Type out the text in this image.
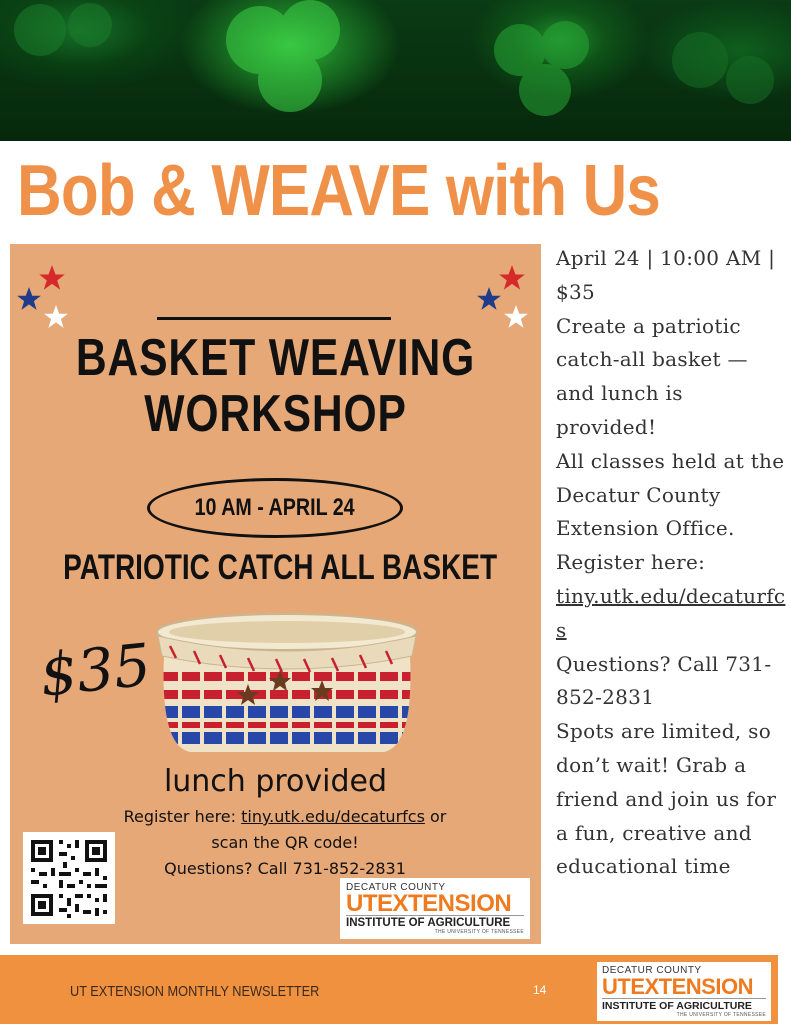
Bob & WEAVE with Us
BASKET WEAVING
WORKSHOP
10 AM - APRIL 24
PATRIOTIC CATCH ALL BASKET
$35
lunch provided
Register here: tiny.utk.edu/decaturfcs or
scan the QR code!
Questions? Call 731-852-2831
DECATUR COUNTY
UTEXTENSION
INSTITUTE OF AGRICULTURE
THE UNIVERSITY OF TENNESSEE

April 24 | 10:00 AM | $35

Create a patriotic catch-all basket — and lunch is provided!

All classes held at the Decatur County Extension Office.

Register here:

tiny.utk.edu/decaturfcs

Questions? Call 731-852-2831

Spots are limited, so don’t wait! Grab a friend and join us for a fun, creative and educational time

UT EXTENSION MONTHLY NEWSLETTER	14
DECATUR COUNTY
UTEXTENSION
INSTITUTE OF AGRICULTURE
THE UNIVERSITY OF TENNESSEE
